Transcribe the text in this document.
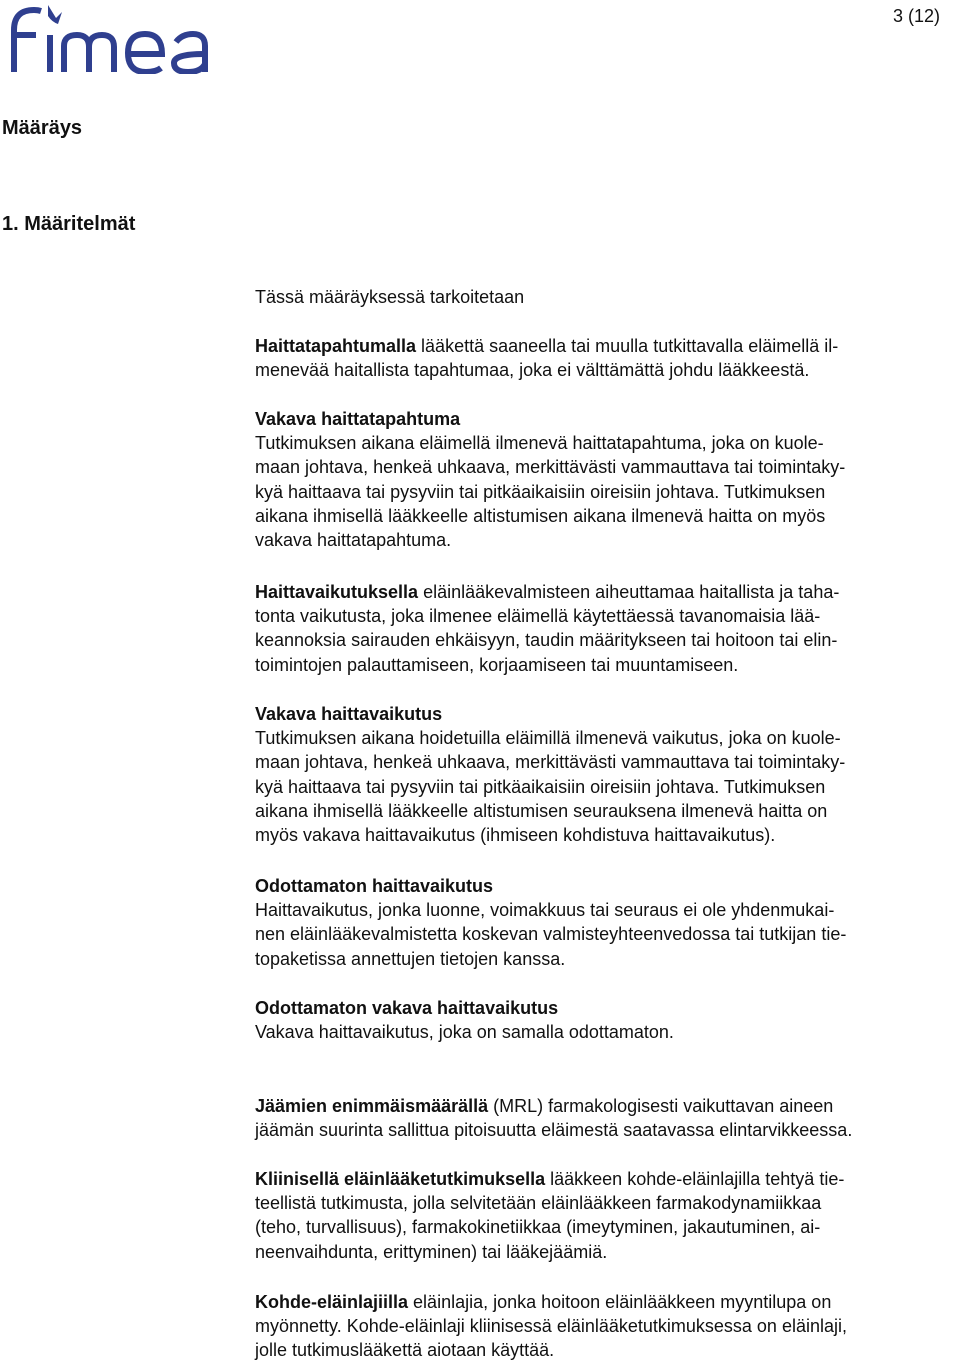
3 (12)
Määräys
1. Määritelmät

Tässä määräyksessä tarkoitetaan

Haittatapahtumalla lääkettä saaneella tai muulla tutkittavalla eläimellä il-

menevää haitallista tapahtumaa, joka ei välttämättä johdu lääkkeestä.

Vakava haittatapahtuma

Tutkimuksen aikana eläimellä ilmenevä haittatapahtuma, joka on kuole-

maan johtava, henkeä uhkaava, merkittävästi vammauttava tai toimintaky-

kyä haittaava tai pysyviin tai pitkäaikaisiin oireisiin johtava. Tutkimuksen

aikana ihmisellä lääkkeelle altistumisen aikana ilmenevä haitta on myös

vakava haittatapahtuma.

Haittavaikutuksella eläinlääkevalmisteen aiheuttamaa haitallista ja taha-

tonta vaikutusta, joka ilmenee eläimellä käytettäessä tavanomaisia lää-

keannoksia sairauden ehkäisyyn, taudin määritykseen tai hoitoon tai elin-

toimintojen palauttamiseen, korjaamiseen tai muuntamiseen.

Vakava haittavaikutus

Tutkimuksen aikana hoidetuilla eläimillä ilmenevä vaikutus, joka on kuole-

maan johtava, henkeä uhkaava, merkittävästi vammauttava tai toimintaky-

kyä haittaava tai pysyviin tai pitkäaikaisiin oireisiin johtava. Tutkimuksen

aikana ihmisellä lääkkeelle altistumisen seurauksena ilmenevä haitta on

myös vakava haittavaikutus (ihmiseen kohdistuva haittavaikutus).

Odottamaton haittavaikutus

Haittavaikutus, jonka luonne, voimakkuus tai seuraus ei ole yhdenmukai-

nen eläinlääkevalmistetta koskevan valmisteyhteenvedossa tai tutkijan tie-

topaketissa annettujen tietojen kanssa.

Odottamaton vakava haittavaikutus

Vakava haittavaikutus, joka on samalla odottamaton.

Jäämien enimmäismäärällä (MRL) farmakologisesti vaikuttavan aineen

jäämän suurinta sallittua pitoisuutta eläimestä saatavassa elintarvikkeessa.

Kliinisellä eläinlääketutkimuksella lääkkeen kohde-eläinlajilla tehtyä tie-

teellistä tutkimusta, jolla selvitetään eläinlääkkeen farmakodynamiikkaa

(teho, turvallisuus), farmakokinetiikkaa (imeytyminen, jakautuminen, ai-

neenvaihdunta, erittyminen) tai lääkejäämiä.

Kohde-eläinlajiilla eläinlajia, jonka hoitoon eläinlääkkeen myyntilupa on

myönnetty. Kohde-eläinlaji kliinisessä eläinlääketutkimuksessa on eläinlaji,

jolle tutkimuslääkettä aiotaan käyttää.
